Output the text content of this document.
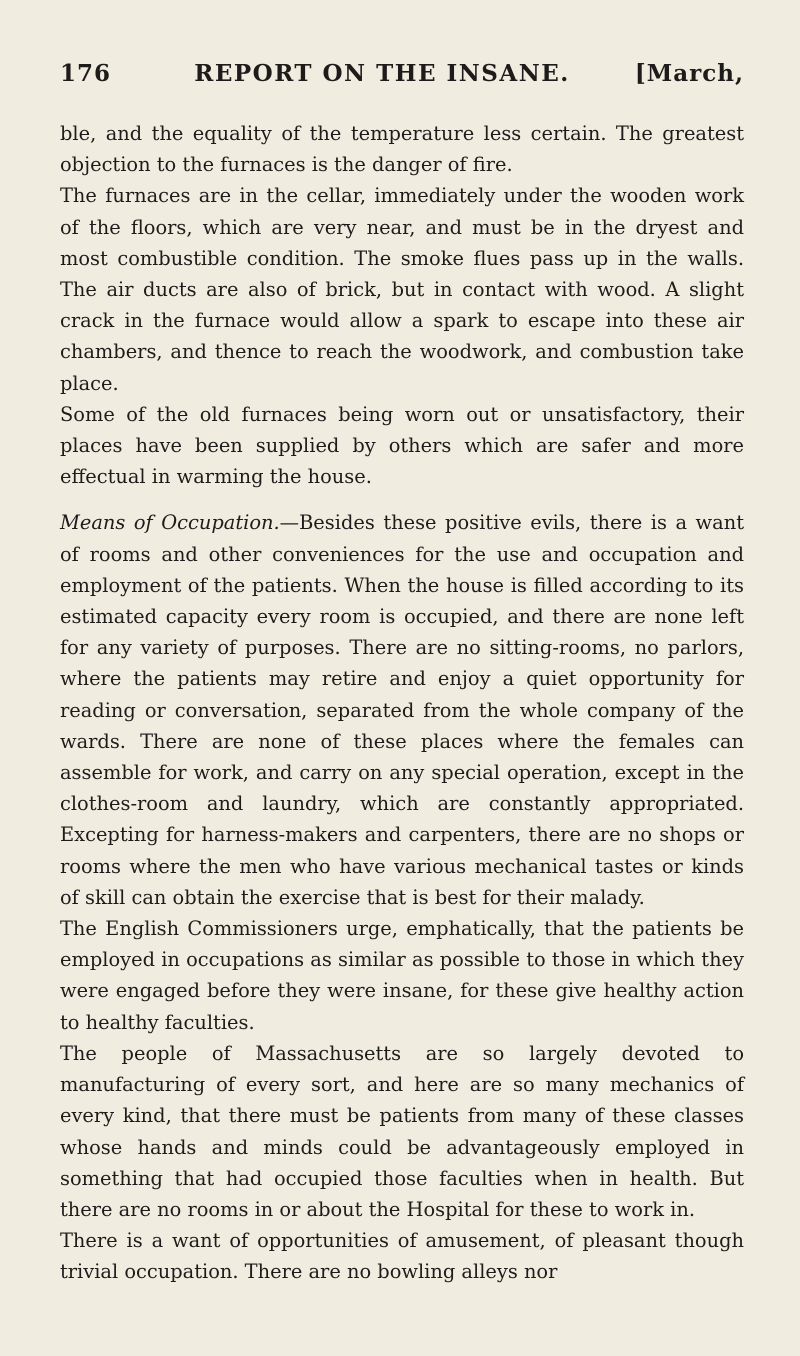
176	REPORT ON THE INSANE.	[March,

ble, and the equality of the temperature less certain. The greatest objection to the furnaces is the danger of fire.

The furnaces are in the cellar, immediately under the wooden work of the floors, which are very near, and must be in the dryest and most combustible condition. The smoke flues pass up in the walls. The air ducts are also of brick, but in contact with wood. A slight crack in the furnace would allow a spark to escape into these air chambers, and thence to reach the woodwork, and combustion take place.

Some of the old furnaces being worn out or unsatisfactory, their places have been supplied by others which are safer and more effectual in warming the house.

Means of Occupation.—Besides these positive evils, there is a want of rooms and other conveniences for the use and occupation and employment of the patients. When the house is filled according to its estimated capacity every room is occupied, and there are none left for any variety of purposes. There are no sitting-rooms, no parlors, where the patients may retire and enjoy a quiet opportunity for reading or conversation, separated from the whole company of the wards. There are none of these places where the females can assemble for work, and carry on any special operation, except in the clothes-room and laundry, which are constantly appropriated. Excepting for harness-makers and carpenters, there are no shops or rooms where the men who have various mechanical tastes or kinds of skill can obtain the exercise that is best for their malady.

The English Commissioners urge, emphatically, that the patients be employed in occupations as similar as possible to those in which they were engaged before they were insane, for these give healthy action to healthy faculties.

The people of Massachusetts are so largely devoted to manufacturing of every sort, and here are so many mechanics of every kind, that there must be patients from many of these classes whose hands and minds could be advantageously employed in something that had occupied those faculties when in health. But there are no rooms in or about the Hospital for these to work in.

There is a want of opportunities of amusement, of pleasant though trivial occupation. There are no bowling alleys nor
